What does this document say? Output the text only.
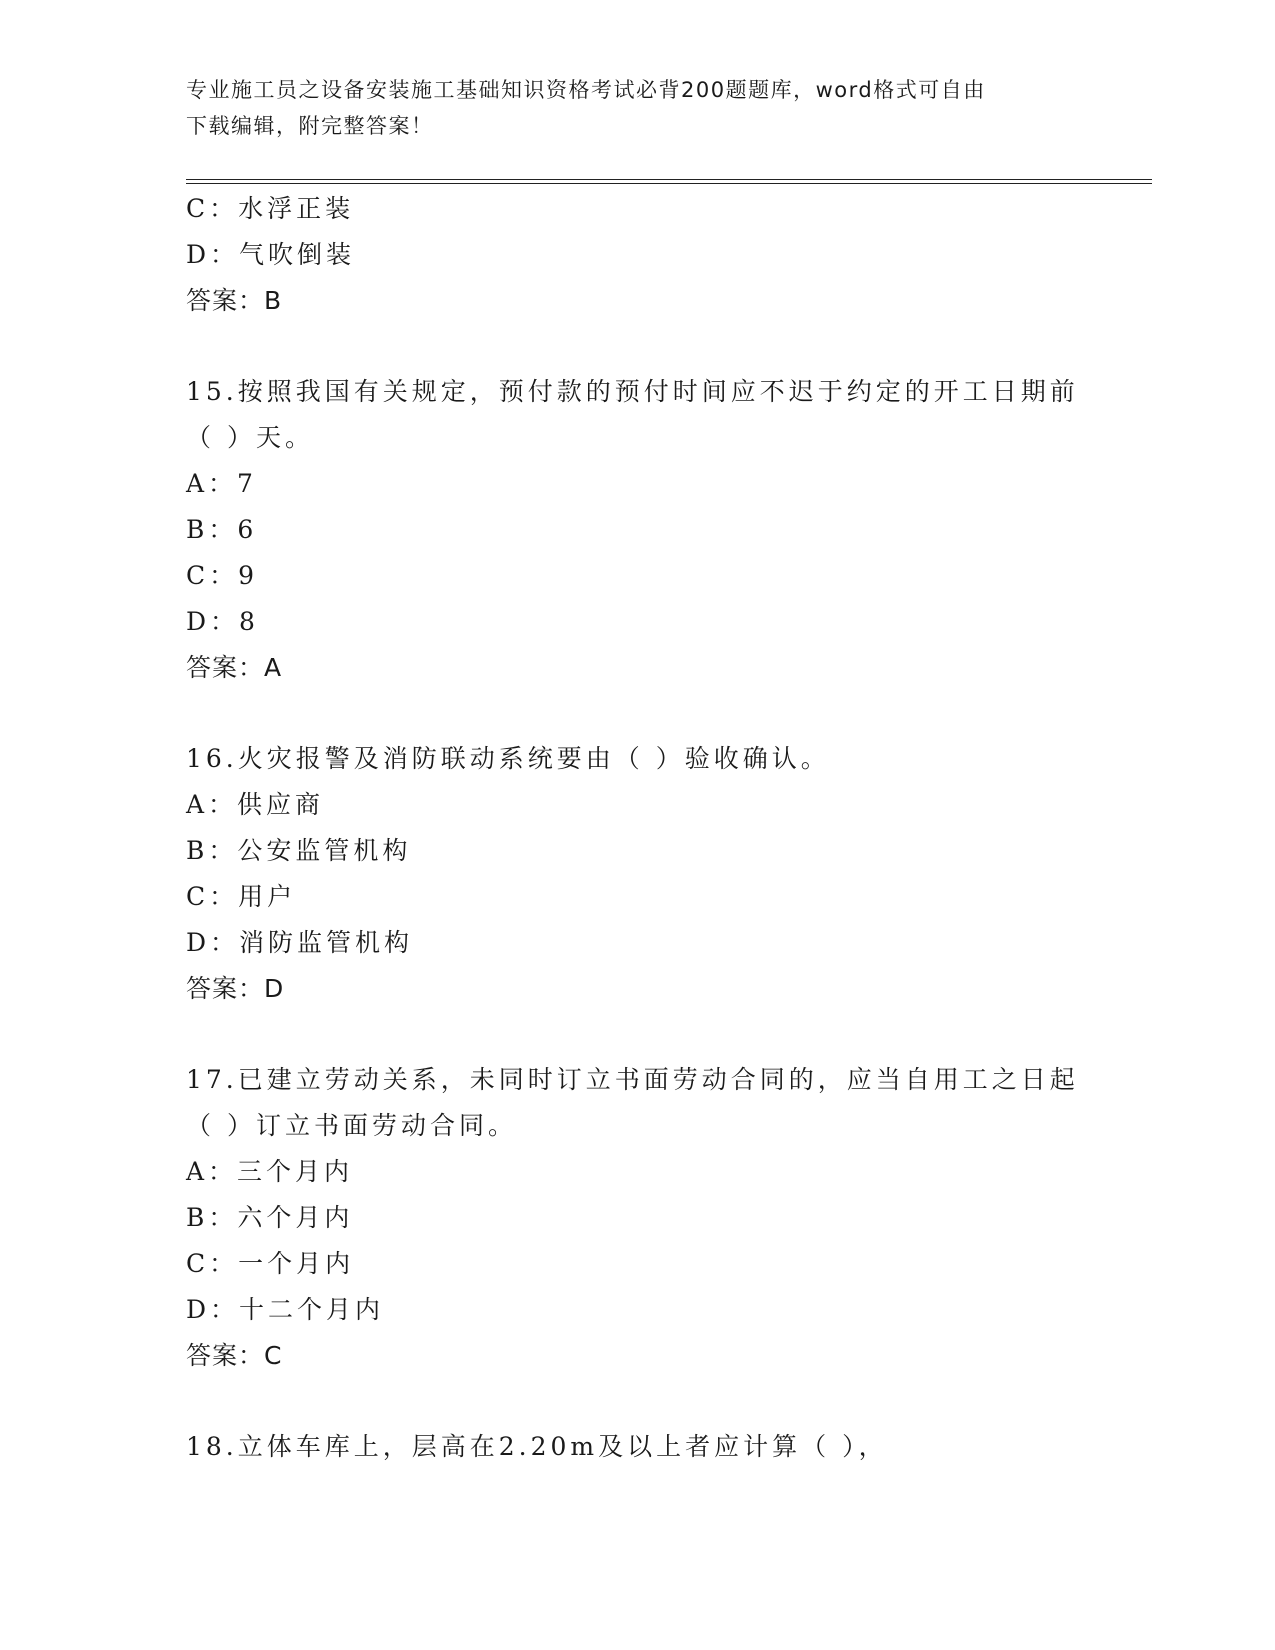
专业施工员之设备安装施工基础知识资格考试必背200题题库，word格式可自由
下载编辑，附完整答案！
C：水浮正装
D：气吹倒装
答案：B
15.按照我国有关规定，预付款的预付时间应不迟于约定的开工日期前
（ ）天。
A：7
B：6
C：9
D：8
答案：A
16.火灾报警及消防联动系统要由（ ）验收确认。
A：供应商
B：公安监管机构
C：用户
D：消防监管机构
答案：D
17.已建立劳动关系，未同时订立书面劳动合同的，应当自用工之日起
（ ）订立书面劳动合同。
A：三个月内
B：六个月内
C：一个月内
D：十二个月内
答案：C
18.立体车库上，层高在2.20m及以上者应计算（ ），
